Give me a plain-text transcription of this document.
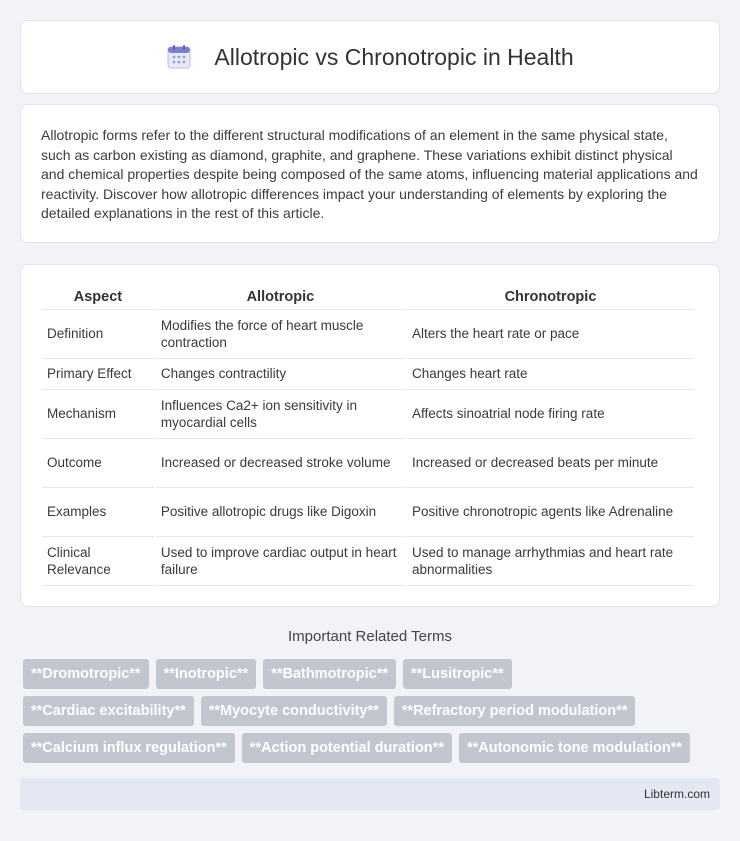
Allotropic vs Chronotropic in Health

Allotropic forms refer to the different structural modifications of an element in the same physical state, such as carbon existing as diamond, graphite, and graphene. These variations exhibit distinct physical and chemical properties despite being composed of the same atoms, influencing material applications and reactivity. Discover how allotropic differences impact your understanding of elements by exploring the detailed explanations in the rest of this article.

Aspect	Allotropic	Chronotropic
Definition	Modifies the force of heart muscle contraction	Alters the heart rate or pace
Primary Effect	Changes contractility	Changes heart rate
Mechanism	Influences Ca2+ ion sensitivity in myocardial cells	Affects sinoatrial node firing rate
Outcome	Increased or decreased stroke volume	Increased or decreased beats per minute
Examples	Positive allotropic drugs like Digoxin	Positive chronotropic agents like Adrenaline
Clinical Relevance	Used to improve cardiac output in heart failure	Used to manage arrhythmias and heart rate abnormalities
Important Related Terms
**Dromotropic**	**Inotropic**	**Bathmotropic**	**Lusitropic**
**Cardiac excitability**	**Myocyte conductivity**	**Refractory period modulation**
**Calcium influx regulation**	**Action potential duration**	**Autonomic tone modulation**
Libterm.com
